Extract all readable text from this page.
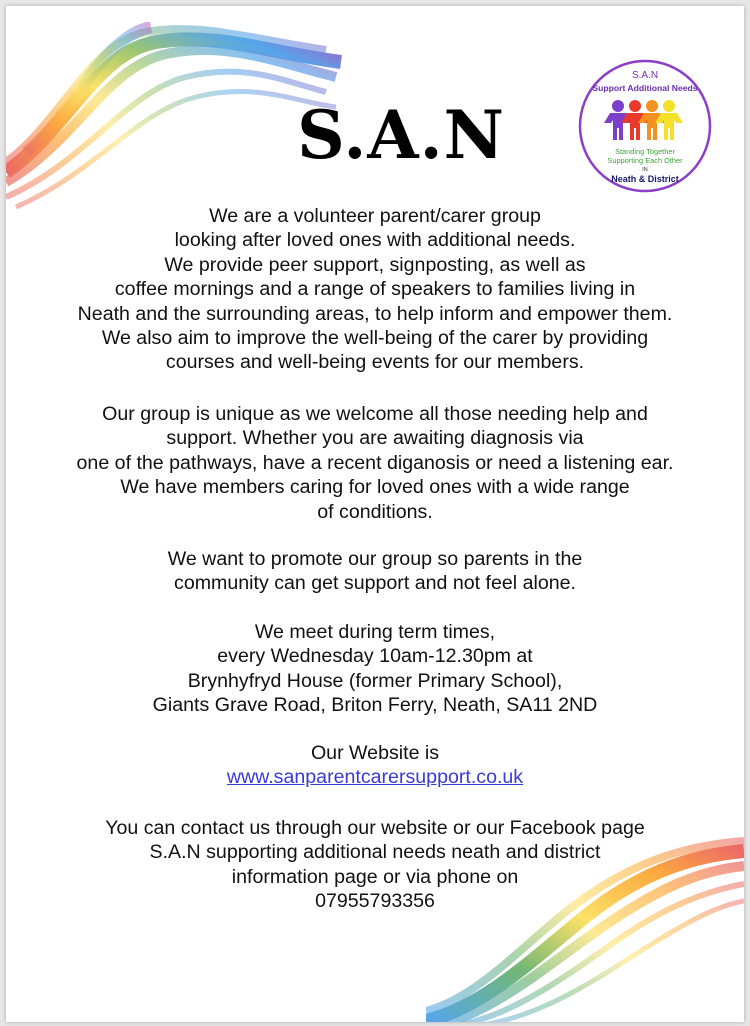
S.A.N
S.A.N
Support Additional Needs
Standing Together
Supporting Each Other
IN
Neath & District

We are a volunteer parent/carer group

looking after loved ones with additional needs.

We provide peer support, signposting, as well as

coffee mornings and a range of speakers to families living in

Neath and the surrounding areas, to help inform and empower them.

We also aim to improve the well-being of the carer by providing

courses and well-being events for our members.

Our group is unique as we welcome all those needing help and

support. Whether you are awaiting diagnosis via

one of the pathways, have a recent diganosis or need a listening ear.

We have members caring for loved ones with a wide range

of conditions.

We want to promote our group so parents in the

community can get support and not feel alone.

We meet during term times,

every Wednesday 10am-12.30pm at

Brynhyfryd House (former Primary School),

Giants Grave Road, Briton Ferry, Neath, SA11 2ND

Our Website is

www.sanparentcarersupport.co.uk

You can contact us through our website or our Facebook page

S.A.N supporting additional needs neath and district

information page or via phone on

07955793356
